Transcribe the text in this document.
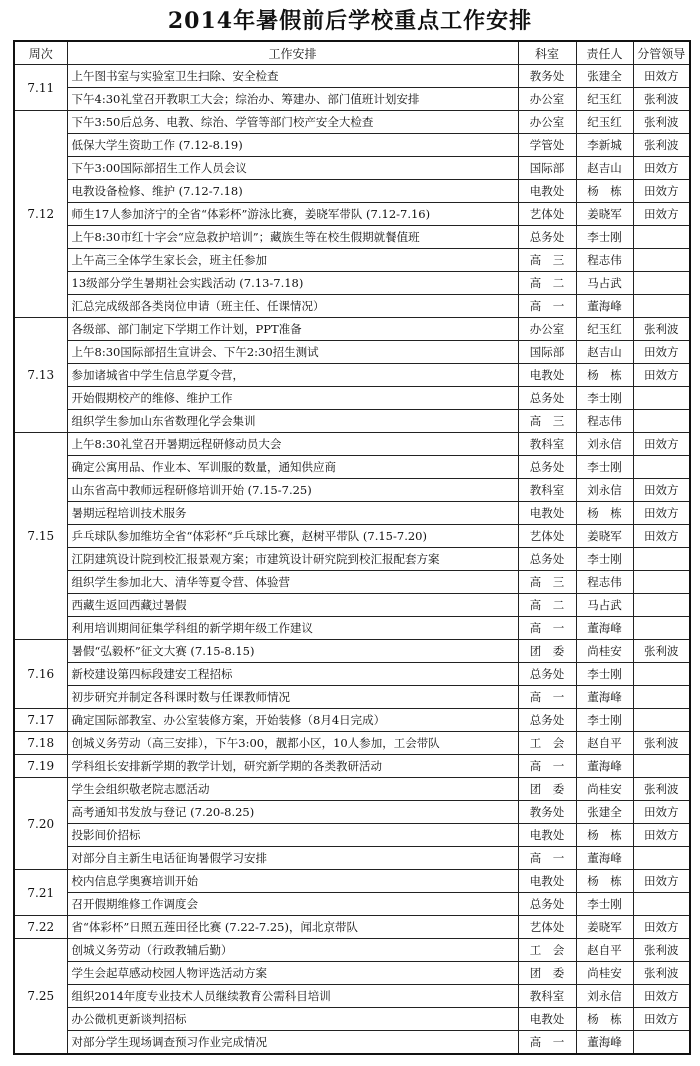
2014年暑假前后学校重点工作安排
周次	工作安排	科室	责任人	分管领导
7.11	上午图书室与实验室卫生扫除、安全检查	教务处	张建全	田效方
	下午4:30礼堂召开教职工大会；综治办、筹建办、部门值班计划安排	办公室	纪玉红	张利波
7.12	下午3:50后总务、电教、综治、学管等部门校产安全大检查	办公室	纪玉红	张利波
	低保大学生资助工作 (7.12-8.19)	学管处	李新城	张利波
	下午3:00国际部招生工作人员会议	国际部	赵吉山	田效方
	电教设备检修、维护 (7.12-7.18)	电教处	杨　栋	田效方
	师生17人参加济宁的全省“体彩杯”游泳比赛，姜晓军带队 (7.12-7.16)	艺体处	姜晓军	田效方
	上午8:30市红十字会“应急救护培训”；藏族生等在校生假期就餐值班	总务处	李士刚	
	上午高三全体学生家长会，班主任参加	高　三	程志伟	
	13级部分学生暑期社会实践活动 (7.13-7.18)	高　二	马占武	
	汇总完成级部各类岗位申请（班主任、任课情况）	高　一	董海峰	
7.13	各级部、部门制定下学期工作计划，PPT准备	办公室	纪玉红	张利波
	上午8:30国际部招生宣讲会、下午2:30招生测试	国际部	赵吉山	田效方
	参加诸城省中学生信息学夏令营，	电教处	杨　栋	田效方
	开始假期校产的维修、维护工作	总务处	李士刚	
	组织学生参加山东省数理化学会集训	高　三	程志伟	
7.15	上午8:30礼堂召开暑期远程研修动员大会	教科室	刘永信	田效方
	确定公寓用品、作业本、军训服的数量，通知供应商	总务处	李士刚	
	山东省高中教师远程研修培训开始 (7.15-7.25)	教科室	刘永信	田效方
	暑期远程培训技术服务	电教处	杨　栋	田效方
	乒乓球队参加维坊全省“体彩杯“乒乓球比赛，赵树平带队 (7.15-7.20)	艺体处	姜晓军	田效方
	江阴建筑设计院到校汇报景观方案；市建筑设计研究院到校汇报配套方案	总务处	李士刚	
	组织学生参加北大、清华等夏令营、体验营	高　三	程志伟	
	西藏生返回西藏过暑假	高　二	马占武	
	利用培训期间征集学科组的新学期年级工作建议	高　一	董海峰	
7.16	暑假“弘毅杯”征文大赛 (7.15-8.15)	团　委	尚桂安	张利波
	新校建设第四标段建安工程招标	总务处	李士刚	
	初步研究并制定各科课时数与任课教师情况	高　一	董海峰	
7.17	确定国际部教室、办公室装修方案，开始装修（8月4日完成）	总务处	李士刚	
7.18	创城义务劳动（高三安排），下午3:00，靓都小区，10人参加，工会带队	工　会	赵自平	张利波
7.19	学科组长安排新学期的教学计划，研究新学期的各类教研活动	高　一	董海峰	
7.20	学生会组织敬老院志愿活动	团　委	尚桂安	张利波
	高考通知书发放与登记 (7.20-8.25)	教务处	张建全	田效方
	投影间价招标	电教处	杨　栋	田效方
	对部分自主新生电话征询暑假学习安排	高　一	董海峰	
7.21	校内信息学奥赛培训开始	电教处	杨　栋	田效方
	召开假期维修工作调度会	总务处	李士刚	
7.22	省“体彩杯”日照五莲田径比赛 (7.22-7.25)，闻北京带队	艺体处	姜晓军	田效方
7.25	创城义务劳动（行政教辅后勤）	工　会	赵自平	张利波
	学生会起草感动校园人物评选活动方案	团　委	尚桂安	张利波
	组织2014年度专业技术人员继续教育公需科目培训	教科室	刘永信	田效方
	办公微机更新谈判招标	电教处	杨　栋	田效方
	对部分学生现场调查预习作业完成情况	高　一	董海峰	
